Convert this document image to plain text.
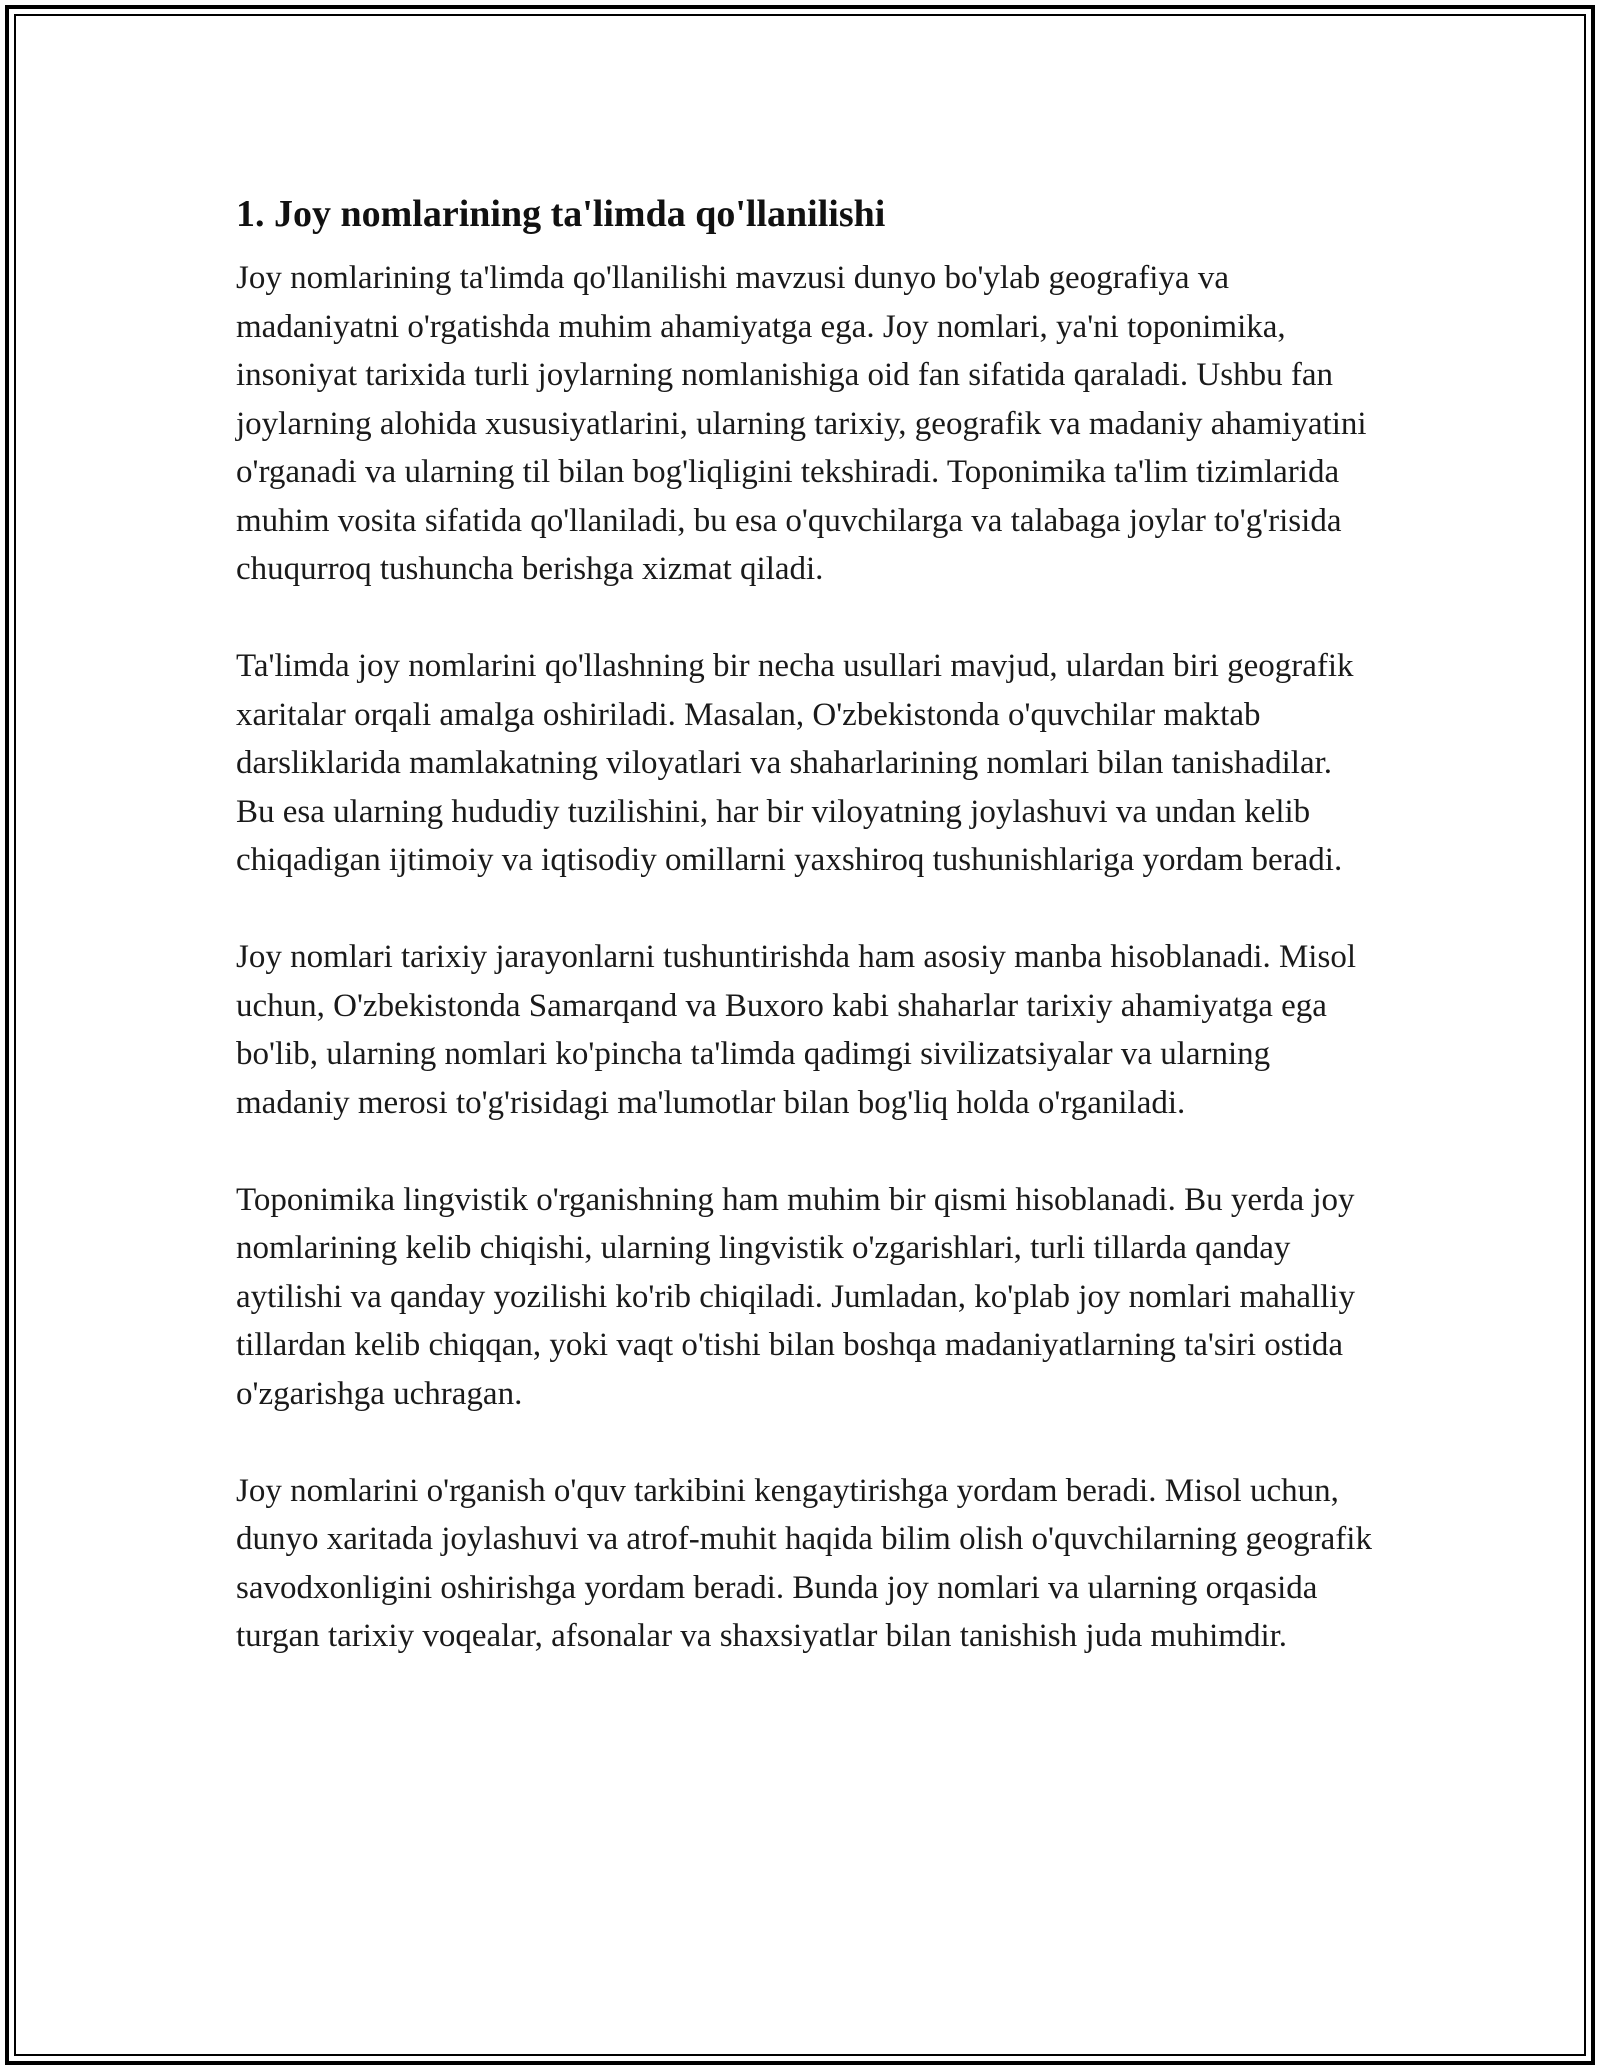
1. Joy nomlarining ta'limda qo'llanilishi

Joy nomlarining ta'limda qo'llanilishi mavzusi dunyo bo'ylab geografiya va madaniyatni o'rgatishda muhim ahamiyatga ega. Joy nomlari, ya'ni toponimika, insoniyat tarixida turli joylarning nomlanishiga oid fan sifatida qaraladi. Ushbu fan joylarning alohida xususiyatlarini, ularning tarixiy, geografik va madaniy ahamiyatini o'rganadi va ularning til bilan bog'liqligini tekshiradi. Toponimika ta'lim tizimlarida muhim vosita sifatida qo'llaniladi, bu esa o'quvchilarga va talabaga joylar to'g'risida chuqurroq tushuncha berishga xizmat qiladi.

Ta'limda joy nomlarini qo'llashning bir necha usullari mavjud, ulardan biri geografik xaritalar orqali amalga oshiriladi. Masalan, O'zbekistonda o'quvchilar maktab darsliklarida mamlakatning viloyatlari va shaharlarining nomlari bilan tanishadilar. Bu esa ularning hududiy tuzilishini, har bir viloyatning joylashuvi va undan kelib chiqadigan ijtimoiy va iqtisodiy omillarni yaxshiroq tushunishlariga yordam beradi.

Joy nomlari tarixiy jarayonlarni tushuntirishda ham asosiy manba hisoblanadi. Misol uchun, O'zbekistonda Samarqand va Buxoro kabi shaharlar tarixiy ahamiyatga ega bo'lib, ularning nomlari ko'pincha ta'limda qadimgi sivilizatsiyalar va ularning madaniy merosi to'g'risidagi ma'lumotlar bilan bog'liq holda o'rganiladi.

Toponimika lingvistik o'rganishning ham muhim bir qismi hisoblanadi. Bu yerda joy nomlarining kelib chiqishi, ularning lingvistik o'zgarishlari, turli tillarda qanday aytilishi va qanday yozilishi ko'rib chiqiladi. Jumladan, ko'plab joy nomlari mahalliy tillardan kelib chiqqan, yoki vaqt o'tishi bilan boshqa madaniyatlarning ta'siri ostida o'zgarishga uchragan.

Joy nomlarini o'rganish o'quv tarkibini kengaytirishga yordam beradi. Misol uchun, dunyo xaritada joylashuvi va atrof-muhit haqida bilim olish o'quvchilarning geografik savodxonligini oshirishga yordam beradi. Bunda joy nomlari va ularning orqasida turgan tarixiy voqealar, afsonalar va shaxsiyatlar bilan tanishish juda muhimdir.
